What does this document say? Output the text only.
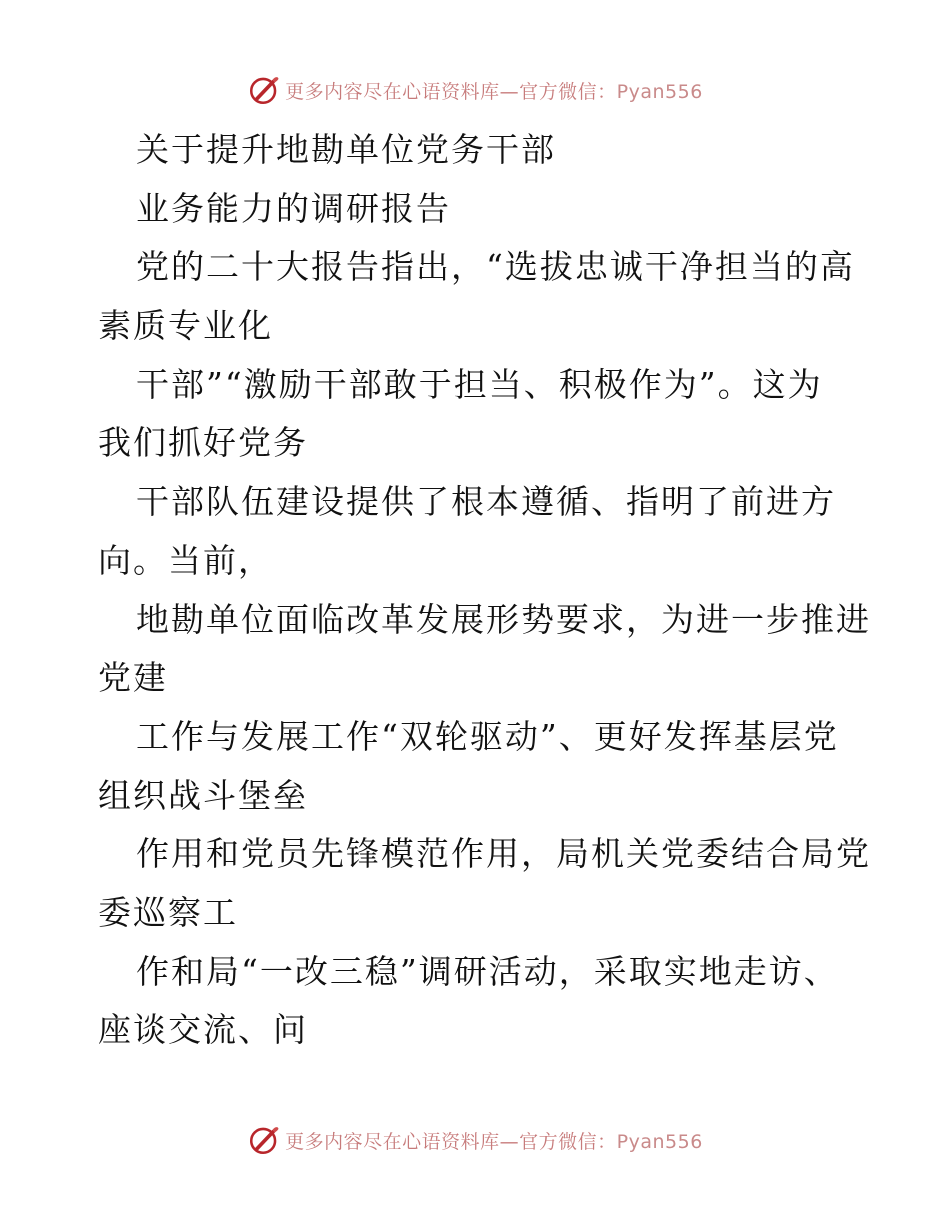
更多内容尽在心语资料库—官方微信：Pyan556
关于提升地勘单位党务干部
业务能力的调研报告
党的二十大报告指出，“选拔忠诚干净担当的高
素质专业化
干部”“激励干部敢于担当、积极作为”。这为
我们抓好党务
干部队伍建设提供了根本遵循、指明了前进方
向。当前，
地勘单位面临改革发展形势要求，为进一步推进
党建
工作与发展工作“双轮驱动”、更好发挥基层党
组织战斗堡垒
作用和党员先锋模范作用，局机关党委结合局党
委巡察工
作和局“一改三稳”调研活动，采取实地走访、
座谈交流、问
更多内容尽在心语资料库—官方微信：Pyan556
